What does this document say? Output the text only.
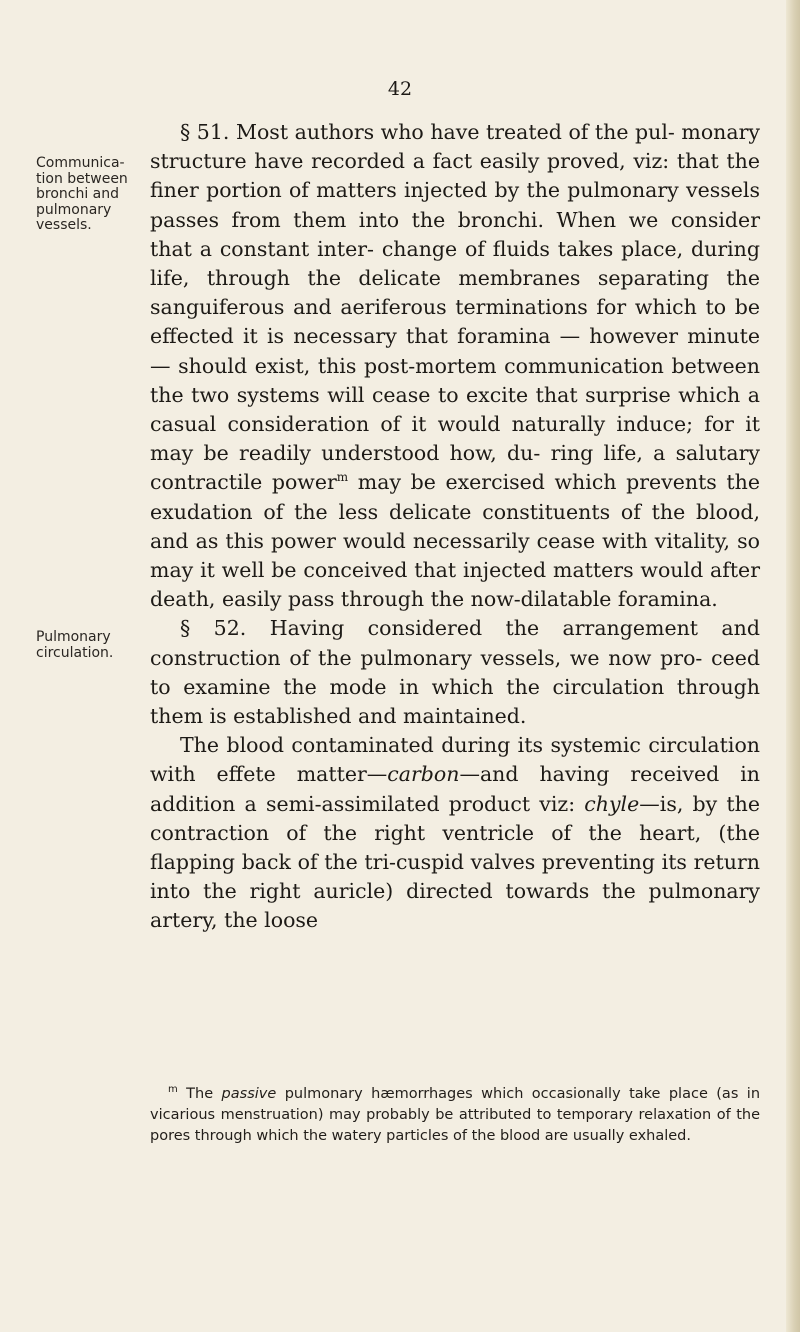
42
Communica- tion between bronchi and pulmonary vessels.
Pulmonary circulation.

§ 51. Most authors who have treated of the pul- monary structure have recorded a fact easily proved, viz: that the finer portion of matters injected by the pulmonary vessels passes from them into the bronchi. When we consider that a constant inter- change of fluids takes place, during life, through the delicate membranes separating the sanguiferous and aeriferous terminations for which to be effected it is necessary that foramina — however minute — should exist, this post-mortem communication between the two systems will cease to excite that surprise which a casual consideration of it would naturally induce; for it may be readily understood how, du- ring life, a salutary contractile power$^m$ may be exercised which prevents the exudation of the less delicate constituents of the blood, and as this power would necessarily cease with vitality, so may it well be conceived that injected matters would after death, easily pass through the now-dilatable foramina.

§ 52. Having considered the arrangement and construction of the pulmonary vessels, we now pro- ceed to examine the mode in which the circulation through them is established and maintained.

The blood contaminated during its systemic circulation with effete matter—carbon—and having received in addition a semi-assimilated product viz: chyle—is, by the contraction of the right ventricle of the heart, (the flapping back of the tri-cuspid valves preventing its return into the right auricle) directed towards the pulmonary artery, the loose

$^m$ The passive pulmonary hæmorrhages which occasionally take place (as in vicarious menstruation) may probably be attributed to temporary relaxation of the pores through which the watery particles of the blood are usually exhaled.
